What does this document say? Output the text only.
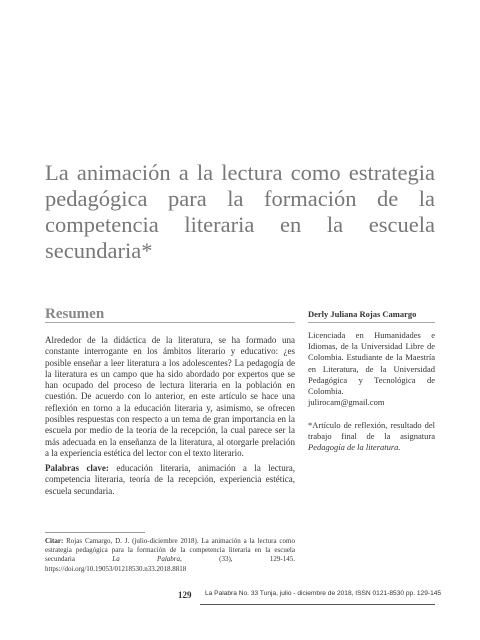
La animación a la lectura como estrategia pedagógica para la formación de la competencia literaria en la escuela secundaria*
Resumen

Alrededor de la didáctica de la literatura, se ha formado una constante interrogante en los ámbitos literario y educativo: ¿es posible enseñar a leer literatura a los adolescentes? La pedagogía de la literatura es un campo que ha sido abordado por expertos que se han ocupado del proceso de lectura literaria en la población en cuestión. De acuerdo con lo anterior, en este artículo se hace una reflexión en torno a la educación literaria y, asimismo, se ofrecen posibles respuestas con respecto a un tema de gran importancia en la escuela por medio de la teoría de la recepción, la cual parece ser la más adecuada en la enseñanza de la literatura, al otorgarle prelación a la experiencia estética del lector con el texto literario.

Palabras clave: educación literaria, animación a la lectura, competencia literaria, teoría de la recepción, experiencia estética, escuela secundaria.

Derly Juliana Rojas Camargo

Licenciada en Humanidades e Idiomas, de la Universidad Libre de Colombia. Estudiante de la Maestría en Literatura, de la Universidad Pedagógica y Tecnológica de Colombia.

julirocam@gmail.com

*Artículo de reflexión, resultado del trabajo final de la asignatura Pedagogía de la literatura.

Citar: Rojas Camargo, D. J. (julio-diciembre 2018). La animación a la lectura como estrategia pedagógica para la formación de la competencia literaria en la escuela secundaria La Palabra, (33), 129-145. https://doi.org/10.19053/01218530.n33.2018.8818

129 La Palabra No. 33 Tunja, julio - diciembre de 2018, ISSN 0121-8530 pp. 129-145
